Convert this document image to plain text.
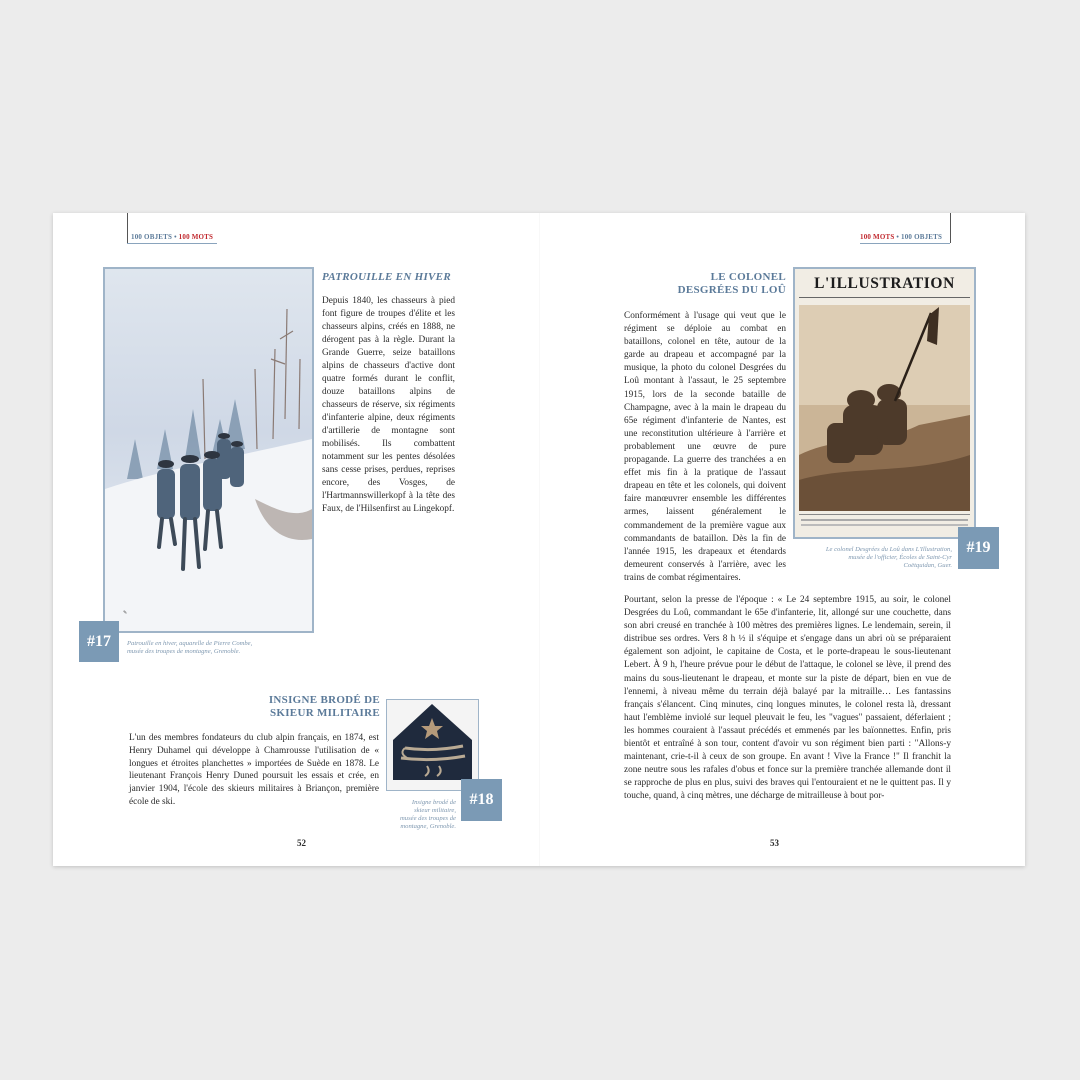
100 OBJETS • 100 MOTS	100 MOTS • 100 OBJETS
✎
#17 Patrouille en hiver, aquarelle de Pierre Combe,
musée des troupes de montagne, Grenoble.
PATROUILLE EN HIVER
Depuis 1840, les chasseurs à pied font figure de troupes d'élite et les chasseurs alpins, créés en 1888, ne dérogent pas à la règle. Durant la Grande Guerre, seize bataillons alpins de chasseurs d'active dont quatre formés durant le conflit, douze bataillons alpins de chasseurs de réserve, six régiments d'infanterie alpine, deux régiments d'artillerie de montagne sont mobilisés. Ils combattent notamment sur les pentes désolées sans cesse prises, perdues, reprises encore, des Vosges, de l'Hartmannswillerkopf à la tête des Faux, de l'Hilsenfirst au Lingekopf.
INSIGNE BRODÉ DE
SKIEUR MILITAIRE
L'un des membres fondateurs du club alpin français, en 1874, est Henry Duhamel qui développe à Chamrousse l'utilisation de « longues et étroites planchettes » importées de Suède en 1878. Le lieutenant François Henry Duned poursuit les essais et crée, en janvier 1904, l'école des skieurs militaires à Briançon, première école de ski.	#18
Insigne brodé de
skieur militaire,
musée des troupes de
montagne, Grenoble.
52
LE COLONEL
DESGRÉES DU LOÛ
Conformément à l'usage qui veut que le régiment se déploie au combat en bataillons, colonel en tête, autour de la garde au drapeau et accompagné par la musique, la photo du colonel Desgrées du Loû montant à l'assaut, le 25 septembre 1915, lors de la seconde bataille de Champagne, avec à la main le drapeau du 65e régiment d'infanterie de Nantes, est une reconstitution ultérieure à l'arrière et probablement une œuvre de pure propagande. La guerre des tranchées a en effet mis fin à la pratique de l'assaut drapeau en tête et les colonels, qui doivent faire manœuvrer ensemble les différentes armes, laissent généralement le commandement de la première vague aux commandants de bataillon. Dès la fin de l'année 1915, les drapeaux et étendards demeurent conservés à l'arrière, avec les trains de combat régimentaires.
Pourtant, selon la presse de l'époque : « Le 24 septembre 1915, au soir, le colonel Desgrées du Loû, commandant le 65e d'infanterie, lit, allongé sur une couchette, dans son abri creusé en tranchée à 100 mètres des premières lignes. Le lendemain, serein, il distribue ses ordres. Vers 8 h ½ il s'équipe et s'engage dans un abri où se préparaient également son adjoint, le capitaine de Costa, et le porte-drapeau le sous-lieutenant Lebert. À 9 h, l'heure prévue pour le début de l'attaque, le colonel se lève, il prend des mains du sous-lieutenant le drapeau, et monte sur la piste de départ, bien en vue de l'ennemi, à niveau même du terrain déjà balayé par la mitraille… Les fantassins français s'élancent. Cinq minutes, cinq longues minutes, le colonel resta là, dressant haut l'emblème inviolé sur lequel pleuvait le feu, les "vagues" passaient, déferlaient ; les hommes couraient à l'assaut précédés et emmenés par les baïonnettes. Enfin, pris bientôt et entraîné à son tour, content d'avoir vu son régiment bien parti : "Allons-y maintenant, crie-t-il à ceux de son groupe. En avant ! Vive la France !" Il franchit la zone neutre sous les rafales d'obus et fonce sur la première tranchée allemande dont il se rapproche de plus en plus, suivi des braves qui l'entouraient et ne le quittent pas. Il y touche, quand, à cinq mètres, une décharge de mitrailleuse à bout por-
L'ILLUSTRATION
#19
Le colonel Desgrées du Loû dans L'Illustration,
musée de l'officier, Écoles de Saint-Cyr
Coëtquidan, Guer.
53
